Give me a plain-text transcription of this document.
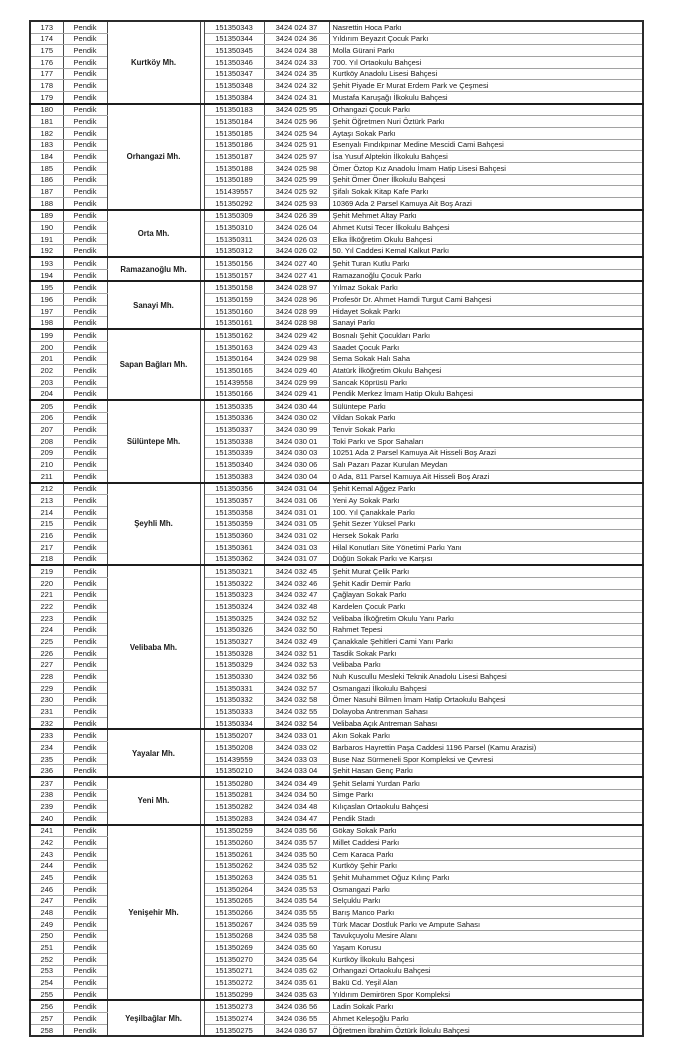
173	Pendik	Kurtköy Mh.		151350343	3424 024 37	Nasrettin Hoca Parkı
174	Pendik			151350344	3424 024 36	Yıldırım Beyazıt Çocuk Parkı
175	Pendik			151350345	3424 024 38	Molla Gürani Parkı
176	Pendik			151350346	3424 024 33	700. Yıl Ortaokulu Bahçesi
177	Pendik			151350347	3424 024 35	Kurtköy Anadolu Lisesi Bahçesi
178	Pendik			151350348	3424 024 32	Şehit Piyade Er Murat Erdem Park ve Çeşmesi
179	Pendik			151350384	3424 024 31	Mustafa Karuşağı İlkokulu Bahçesi
180	Pendik	Orhangazi Mh.		151350183	3424 025 95	Orhangazi Çocuk Parkı
181	Pendik			151350184	3424 025 96	Şehit Öğretmen Nuri Öztürk Parkı
182	Pendik			151350185	3424 025 94	Aytaşı Sokak Parkı
183	Pendik			151350186	3424 025 91	Esenyalı Fındıkpınar Medine Mescidi Cami Bahçesi
184	Pendik			151350187	3424 025 97	İsa Yusuf Alptekin İlkokulu Bahçesi
185	Pendik			151350188	3424 025 98	Ömer Öztop Kız Anadolu İmam Hatip Lisesi Bahçesi
186	Pendik			151350189	3424 025 99	Şehit Ömer Öner İlkokulu Bahçesi
187	Pendik			151439557	3424 025 92	Şifalı Sokak Kitap Kafe Parkı
188	Pendik			151350292	3424 025 93	10369 Ada 2 Parsel Kamuya Ait Boş Arazi
189	Pendik	Orta Mh.		151350309	3424 026 39	Şehit Mehmet Altay Parkı
190	Pendik			151350310	3424 026 04	Ahmet Kutsi Tecer İlkokulu Bahçesi
191	Pendik			151350311	3424 026 03	Elka İlköğretim Okulu Bahçesi
192	Pendik			151350312	3424 026 02	50. Yıl Caddesi Kemal Kalkut Parkı
193	Pendik	Ramazanoğlu Mh.		151350156	3424 027 40	Şehit Turan Kutlu Parkı
194	Pendik			151350157	3424 027 41	Ramazanoğlu Çocuk Parkı
195	Pendik	Sanayi Mh.		151350158	3424 028 97	Yılmaz Sokak Parkı
196	Pendik			151350159	3424 028 96	Profesör Dr. Ahmet Hamdi Turgut Cami Bahçesi
197	Pendik			151350160	3424 028 99	Hidayet Sokak Parkı
198	Pendik			151350161	3424 028 98	Sanayi Parkı
199	Pendik	Sapan Bağları Mh.		151350162	3424 029 42	Bosnalı Şehit Çocukları Parkı
200	Pendik			151350163	3424 029 43	Saadet Çocuk Parkı
201	Pendik			151350164	3424 029 98	Sema Sokak Halı Saha
202	Pendik			151350165	3424 029 40	Atatürk İlköğretim Okulu Bahçesi
203	Pendik			151439558	3424 029 99	Sancak Köprüsü Parkı
204	Pendik			151350166	3424 029 41	Pendik Merkez İmam Hatip Okulu Bahçesi
205	Pendik	Sülüntepe Mh.		151350335	3424 030 44	Sülüntepe Parkı
206	Pendik			151350336	3424 030 02	Vildan Sokak Parkı
207	Pendik			151350337	3424 030 99	Tenvir Sokak Parkı
208	Pendik			151350338	3424 030 01	Toki Parkı ve Spor Sahaları
209	Pendik			151350339	3424 030 03	10251 Ada 2 Parsel Kamuya Ait Hisseli Boş Arazi
210	Pendik			151350340	3424 030 06	Salı Pazarı Pazar Kurulan Meydan
211	Pendik			151350383	3424 030 04	0 Ada, 811 Parsel Kamuya Ait Hisseli Boş Arazi
212	Pendik	Şeyhli Mh.		151350356	3424 031 04	Şehit Kemal Ağgez Parkı
213	Pendik			151350357	3424 031 06	Yeni Ay Sokak Parkı
214	Pendik			151350358	3424 031 01	100. Yıl Çanakkale Parkı
215	Pendik			151350359	3424 031 05	Şehit Sezer Yüksel Parkı
216	Pendik			151350360	3424 031 02	Hersek Sokak Parkı
217	Pendik			151350361	3424 031 03	Hilal Konutları Site Yönetimi Parkı Yanı
218	Pendik			151350362	3424 031 07	Düğün Sokak Parkı ve Karşısı
219	Pendik	Velibaba Mh.		151350321	3424 032 45	Şehit Murat Çelik Parkı
220	Pendik			151350322	3424 032 46	Şehit Kadir Demir Parkı
221	Pendik			151350323	3424 032 47	Çağlayan Sokak Parkı
222	Pendik			151350324	3424 032 48	Kardelen Çocuk Parkı
223	Pendik			151350325	3424 032 52	Velibaba İlköğretim Okulu Yanı Parkı
224	Pendik			151350326	3424 032 50	Rahmet Tepesi
225	Pendik			151350327	3424 032 49	Çanakkale Şehitleri Cami Yanı Parkı
226	Pendik			151350328	3424 032 51	Tasdik Sokak Parkı
227	Pendik			151350329	3424 032 53	Velibaba Parkı
228	Pendik			151350330	3424 032 56	Nuh Kuscullu Mesleki Teknik Anadolu Lisesi Bahçesi
229	Pendik			151350331	3424 032 57	Osmangazi İlkokulu Bahçesi
230	Pendik			151350332	3424 032 58	Ömer Nasuhi Bilmen İmam Hatip Ortaokulu Bahçesi
231	Pendik			151350333	3424 032 55	Dolayoba Antrenman Sahası
232	Pendik			151350334	3424 032 54	Velibaba Açık Antreman Sahası
233	Pendik	Yayalar Mh.		151350207	3424 033 01	Akın Sokak Parkı
234	Pendik			151350208	3424 033 02	Barbaros Hayrettin Paşa Caddesi 1196 Parsel (Kamu Arazisi)
235	Pendik			151439559	3424 033 03	Buse Naz Sürmeneli Spor Kompleksi ve Çevresi
236	Pendik			151350210	3424 033 04	Şehit Hasan Genç Parkı
237	Pendik	Yeni Mh.		151350280	3424 034 49	Şehit Selami Yurdan Parkı
238	Pendik			151350281	3424 034 50	Simge Parkı
239	Pendik			151350282	3424 034 48	Kılıçaslan Ortaokulu Bahçesi
240	Pendik			151350283	3424 034 47	Pendik Stadı
241	Pendik	Yenişehir Mh.		151350259	3424 035 56	Gökay Sokak Parkı
242	Pendik			151350260	3424 035 57	Millet Caddesi Parkı
243	Pendik			151350261	3424 035 50	Cem Karaca Parkı
244	Pendik			151350262	3424 035 52	Kurtköy Şehir Parkı
245	Pendik			151350263	3424 035 51	Şehit Muhammet Oğuz Kılınç Parkı
246	Pendik			151350264	3424 035 53	Osmangazi Parkı
247	Pendik			151350265	3424 035 54	Selçuklu Parkı
248	Pendik			151350266	3424 035 55	Barış Manco Parkı
249	Pendik			151350267	3424 035 59	Türk Macar Dostluk Parkı ve Ampute Sahası
250	Pendik			151350268	3424 035 58	Tavukçuyolu Mesire Alanı
251	Pendik			151350269	3424 035 60	Yaşam Korusu
252	Pendik			151350270	3424 035 64	Kurtköy İlkokulu Bahçesi
253	Pendik			151350271	3424 035 62	Orhangazi Ortaokulu Bahçesi
254	Pendik			151350272	3424 035 61	Bakü Cd. Yeşil Alan
255	Pendik			151350299	3424 035 63	Yıldırım Demirören Spor Kompleksi
256	Pendik	Yeşilbağlar Mh.		151350273	3424 036 56	Ladin Sokak Parkı
257	Pendik			151350274	3424 036 55	Ahmet Keleşoğlu Parkı
258	Pendik			151350275	3424 036 57	Öğretmen İbrahim Öztürk İlokulu Bahçesi
